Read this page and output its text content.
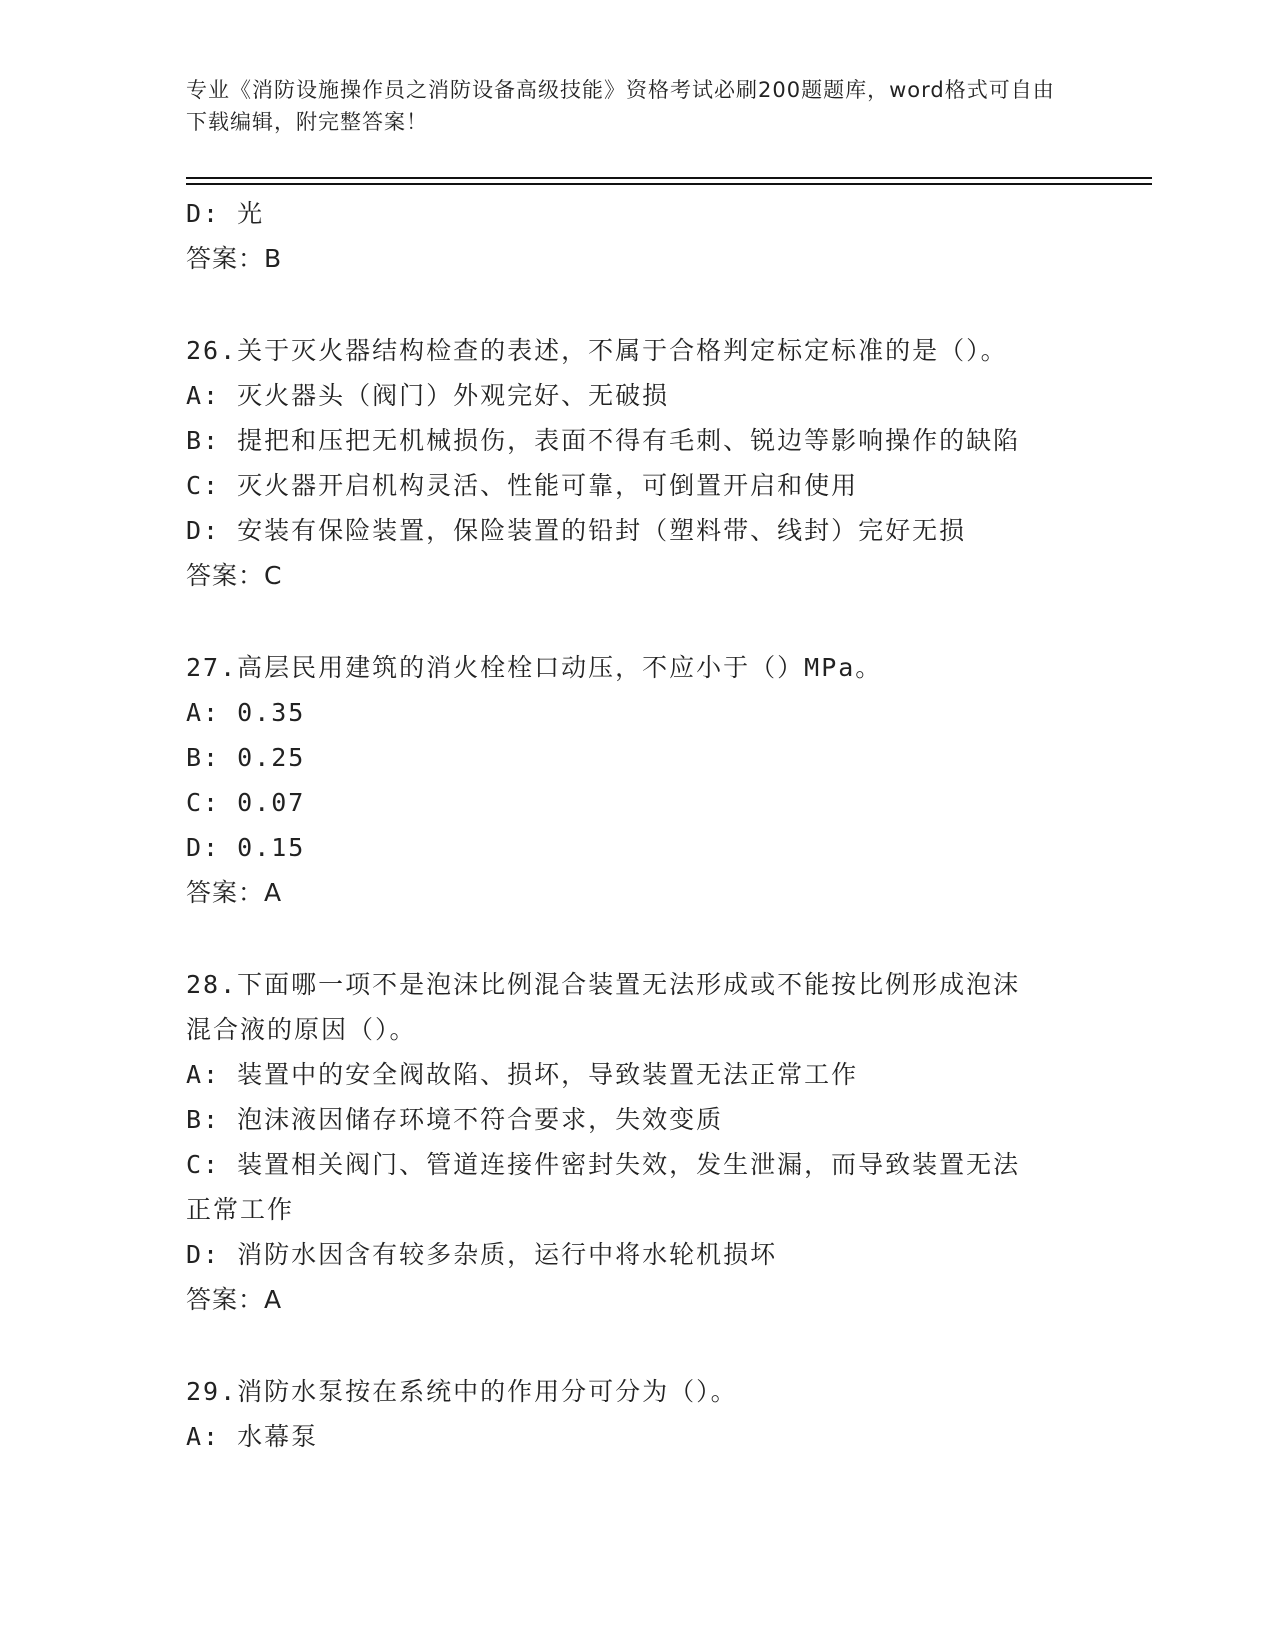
专业《消防设施操作员之消防设备高级技能》资格考试必刷200题题库，word格式可自由下载编辑，附完整答案！
D: 光
答案：B
26.关于灭火器结构检查的表述，不属于合格判定标定标准的是（）。
A: 灭火器头（阀门）外观完好、无破损
B: 提把和压把无机械损伤，表面不得有毛刺、锐边等影响操作的缺陷
C: 灭火器开启机构灵活、性能可靠，可倒置开启和使用
D: 安装有保险装置，保险装置的铅封（塑料带、线封）完好无损
答案：C
27.高层民用建筑的消火栓栓口动压，不应小于（）MPa。
A: 0.35
B: 0.25
C: 0.07
D: 0.15
答案：A
28.下面哪一项不是泡沫比例混合装置无法形成或不能按比例形成泡沫
混合液的原因（）。
A: 装置中的安全阀故陷、损坏，导致装置无法正常工作
B: 泡沫液因储存环境不符合要求，失效变质
C: 装置相关阀门、管道连接件密封失效，发生泄漏，而导致装置无法
正常工作
D: 消防水因含有较多杂质，运行中将水轮机损坏
答案：A
29.消防水泵按在系统中的作用分可分为（）。
A: 水幕泵
